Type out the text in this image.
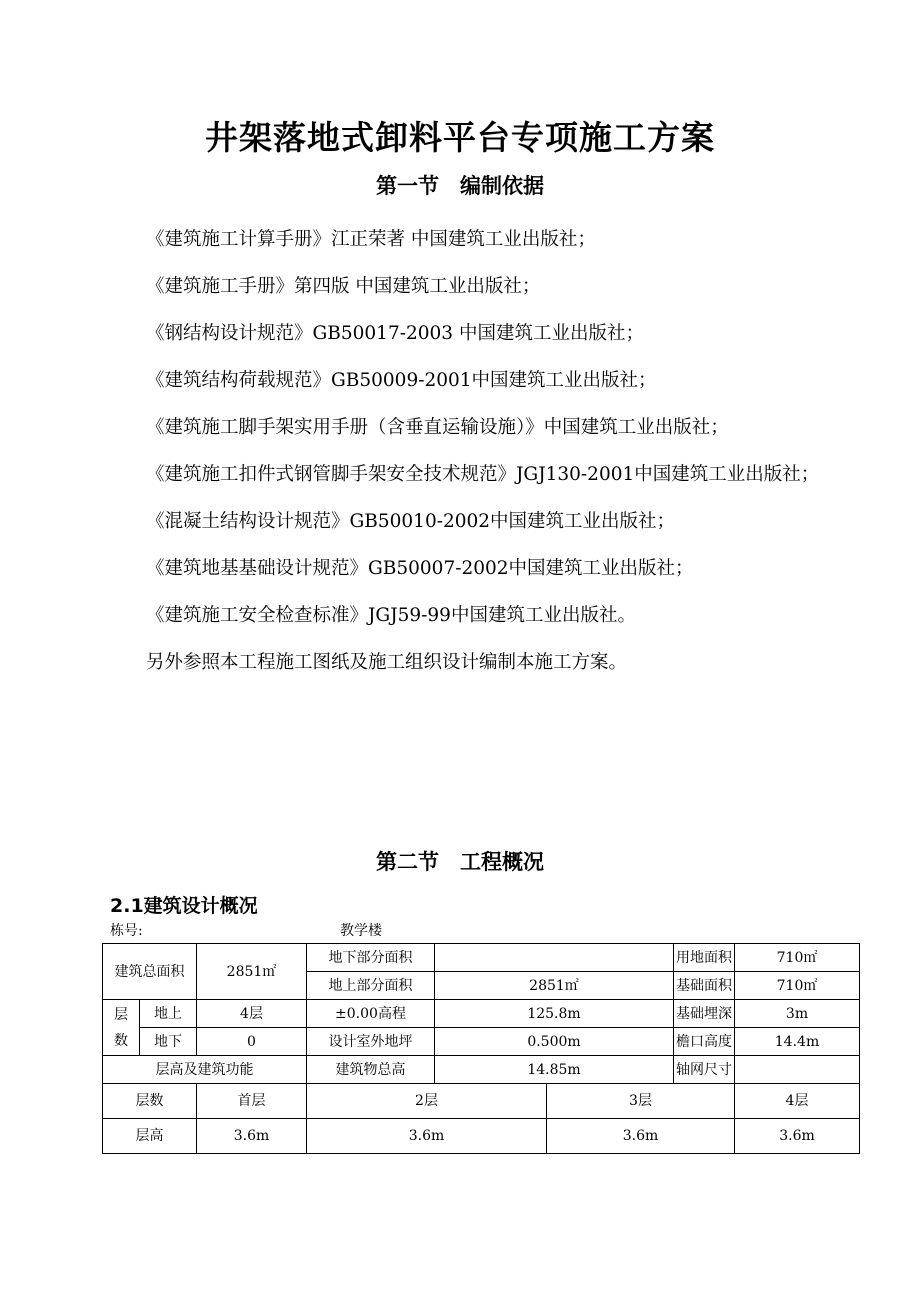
井架落地式卸料平台专项施工方案
第一节　编制依据
《建筑施工计算手册》江正荣著 中国建筑工业出版社；
《建筑施工手册》第四版 中国建筑工业出版社；
《钢结构设计规范》GB50017-2003 中国建筑工业出版社；
《建筑结构荷载规范》GB50009-2001中国建筑工业出版社；
《建筑施工脚手架实用手册（含垂直运输设施）》中国建筑工业出版社；
《建筑施工扣件式钢管脚手架安全技术规范》JGJ130-2001中国建筑工业出版社；
《混凝土结构设计规范》GB50010-2002中国建筑工业出版社；
《建筑地基基础设计规范》GB50007-2002中国建筑工业出版社；
《建筑施工安全检查标准》JGJ59-99中国建筑工业出版社。
另外参照本工程施工图纸及施工组织设计编制本施工方案。
第二节　工程概况
2.1建筑设计概况
栋号:	教学楼
建筑总面积		2851㎡	地下部分面积			用地面积	710㎡
			地上部分面积	2851㎡		基础面积	710㎡
层
数	地上	4层	±0.00高程	125.8m		基础埋深	3m
	地下	0	设计室外地坪	0.500m		檐口高度	14.4m
层高及建筑功能			建筑物总高	14.85m		轴网尺寸	
层数		首层	2层		3层		4层
层高		3.6m	3.6m		3.6m		3.6m
